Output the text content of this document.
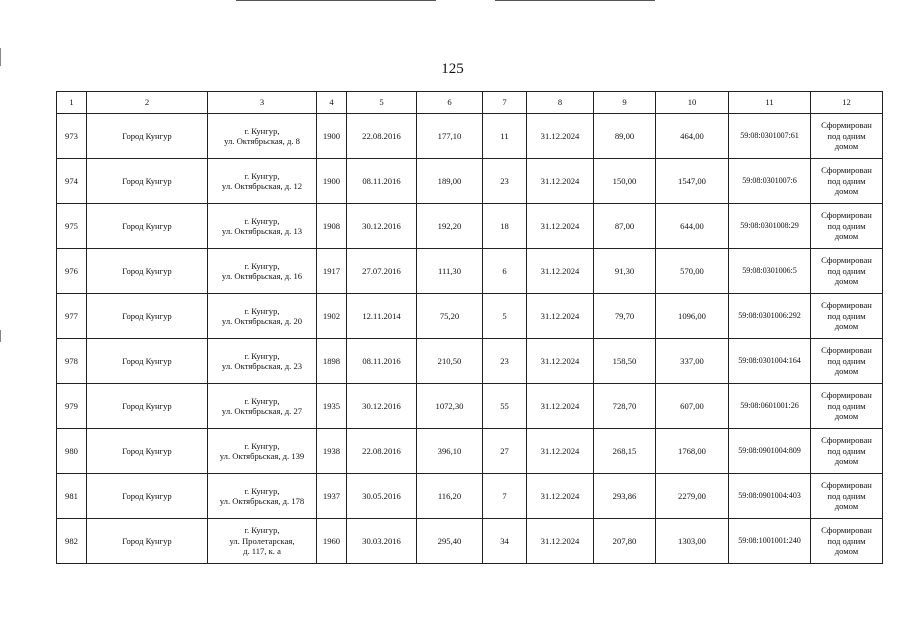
125
1	2	3	4	5	6	7	8	9	10	11	12
973	Город Кунгур	г. Кунгур,
ул. Октябрьская, д. 8	1900	22.08.2016	177,10	11	31.12.2024	89,00	464,00	59:08:0301007:61	Сформирован
под одним
домом
974	Город Кунгур	г. Кунгур,
ул. Октябрьская, д. 12	1900	08.11.2016	189,00	23	31.12.2024	150,00	1547,00	59:08:0301007:6	Сформирован
под одним
домом
975	Город Кунгур	г. Кунгур,
ул. Октябрьская, д. 13	1908	30.12.2016	192,20	18	31.12.2024	87,00	644,00	59:08:0301008:29	Сформирован
под одним
домом
976	Город Кунгур	г. Кунгур,
ул. Октябрьская, д. 16	1917	27.07.2016	111,30	6	31.12.2024	91,30	570,00	59:08:0301006:5	Сформирован
под одним
домом
977	Город Кунгур	г. Кунгур,
ул. Октябрьская, д. 20	1902	12.11.2014	75,20	5	31.12.2024	79,70	1096,00	59:08:0301006:292	Сформирован
под одним
домом
978	Город Кунгур	г. Кунгур,
ул. Октябрьская, д. 23	1898	08.11.2016	210,50	23	31.12.2024	158,50	337,00	59:08:0301004:164	Сформирован
под одним
домом
979	Город Кунгур	г. Кунгур,
ул. Октябрьская, д. 27	1935	30.12.2016	1072,30	55	31.12.2024	728,70	607,00	59:08:0601001:26	Сформирован
под одним
домом
980	Город Кунгур	г. Кунгур,
ул. Октябрьская, д. 139	1938	22.08.2016	396,10	27	31.12.2024	268,15	1768,00	59:08:0901004:809	Сформирован
под одним
домом
981	Город Кунгур	г. Кунгур,
ул. Октябрьская, д. 178	1937	30.05.2016	116,20	7	31.12.2024	293,86	2279,00	59:08:0901004:403	Сформирован
под одним
домом
982	Город Кунгур	г. Кунгур,
ул. Пролетарская,
д. 117, к. а	1960	30.03.2016	295,40	34	31.12.2024	207,80	1303,00	59:08:1001001:240	Сформирован
под одним
домом
